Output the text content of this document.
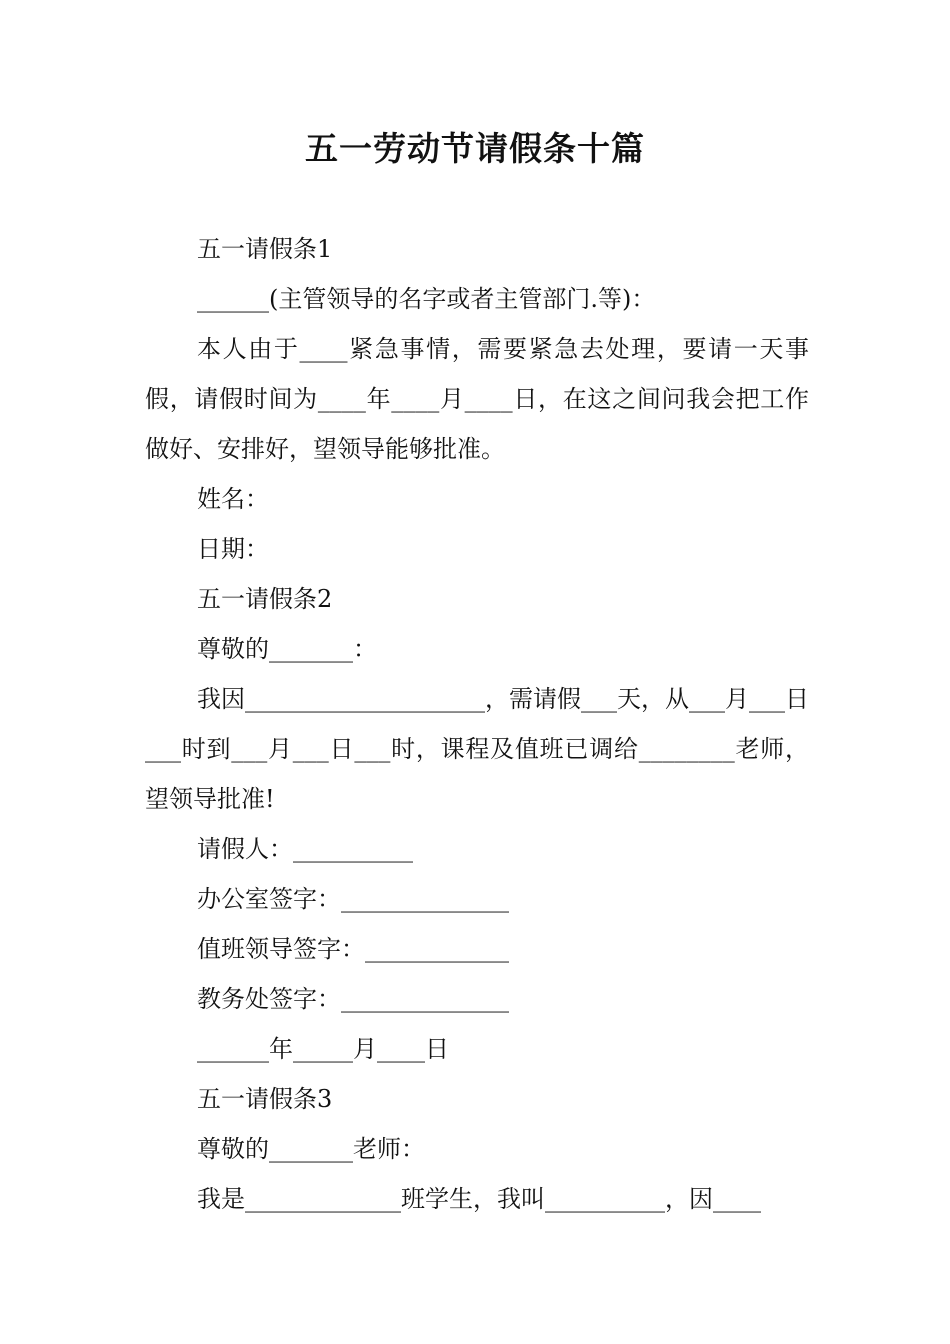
五一劳动节请假条十篇

五一请假条1

______(主管领导的名字或者主管部门.等)：

本人由于____紧急事情，需要紧急去处理，要请一天事假，请假时间为____年____月____日，在这之间问我会把工作做好、安排好，望领导能够批准。

姓名：

日期：

五一请假条2

尊敬的_______：

我因____________________，需请假___天，从___月___日___时到___月___日___时，课程及值班已调给________老师，望领导批准!

请假人：__________

办公室签字：______________

值班领导签字：____________

教务处签字：______________

______年_____月____日

五一请假条3

尊敬的_______老师：

我是_____________班学生，我叫__________，因____
